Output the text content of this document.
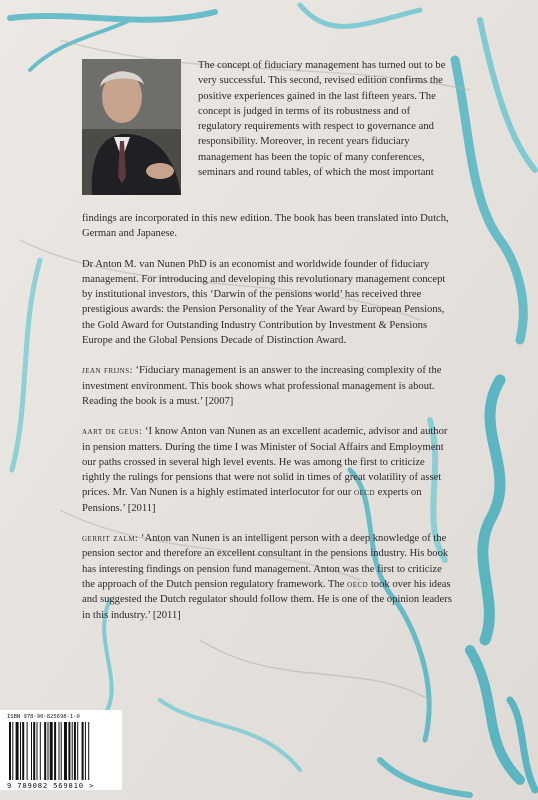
The concept of fiduciary management has turned out to be very successful. This second, revised edition confirms the positive experiences gained in the last fifteen years. The concept is judged in terms of its robustness and of regulatory requirements with respect to governance and responsibility. Moreover, in recent years fiduciary management has been the topic of many conferences, seminars and round tables, of which the most important

findings are incorporated in this new edition. The book has been translated into Dutch, German and Japanese.

Dr Anton M. van Nunen PhD is an economist and worldwide founder of fiduciary management. For introducing and developing this revolutionary management concept by institutional investors, this ‘Darwin of the pensions world’ has received three prestigious awards: the Pension Personality of the Year Award by European Pensions, the Gold Award for Outstanding Industry Contribution by Investment & Pensions Europe and the Global Pensions Decade of Distinction Award.

jean frijns: ‘Fiduciary management is an answer to the increasing complexity of the investment environment. This book shows what professional management is about. Reading the book is a must.’ [2007]

aart de geus: ‘I know Anton van Nunen as an excellent academic, advisor and author in pension matters. During the time I was Minister of Social Affairs and Employment our paths crossed in several high level events. He was among the first to criticize rightly the rulings for pensions that were not solid in times of great volatility of asset prices. Mr. Van Nunen is a highly estimated interlocutor for our oecd experts on Pensions.’ [2011]

gerrit zalm: ‘Anton van Nunen is an intelligent person with a deep knowledge of the pension sector and therefore an excellent consultant in the pensions industry. His book has interesting findings on pension fund management. Anton was the first to criticize the approach of the Dutch pension regulatory framework. The oecd took over his ideas and suggested the Dutch regulator should follow them. He is one of the opinion leaders in this industry.’ [2011]

ISBN 978-90-825698-1-0
9 789082 569810 >
